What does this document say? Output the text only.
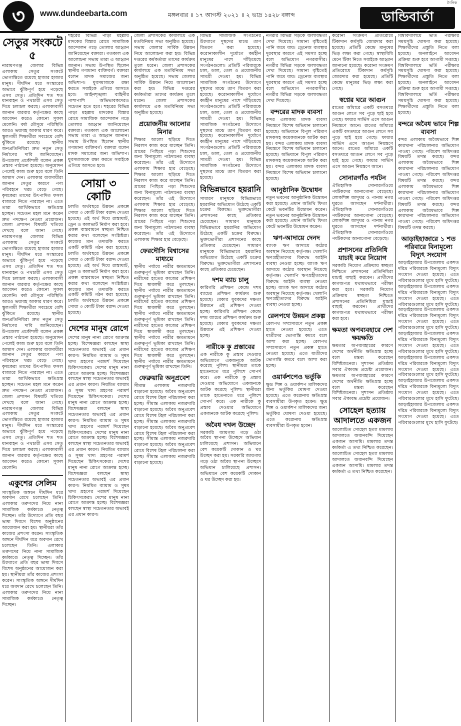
৩	www.dundeebarta.com	মঙ্গলবার ॥ ১৭ আগস্ট ২০২১ ॥ ২ ভাদ্র ১৪২৮ বঙ্গাব্দ
দৈনিক
ডান্ডিবার্তা
সেতুর সংকটে ৫

নারায়ণগঞ্জ জেলার বিভিন্ন এলাকায় সেতুর সংকটে ভোগান্তিতে রয়েছে হাজার হাজার মানুষ। দীর্ঘদিন ধরে সংস্কারের অভাবে ঝুঁকিপূর্ণ হয়ে পড়েছে এসব সেতু। প্রতিদিন শত শত যানবাহন ও পথচারী এসব সেতু দিয়ে চলাচল করছে। এলাকাবাসী জানান বারবার কর্তৃপক্ষের কাছে আবেদন করেও কোনো সুফল মেলেনি। বর্ষা মৌসুমে পরিস্থিতি আরও ভয়াবহ আকার ধারণ করে। স্কুলগামী শিক্ষার্থীরা সবচেয়ে বেশি ঝুঁকিতে রয়েছে। স্থানীয় জনপ্রতিনিধিরা দ্রুত নতুন সেতু নির্মাণের দাবি জানিয়েছেন। উপজেলা প্রকৌশলী বলেন প্রকল্প প্রস্তাব পাঠানো হয়েছে। অনুমোদন পেলেই কাজ শুরু হবে বলে তিনি আশ্বাস দেন। এলাকার ব্যবসায়ীরা জানান সেতুর কারণে পণ্য পরিবহনে খরচ বেড়ে গেছে। কৃষকেরা তাদের উৎপাদিত ফসল বাজারে নিতে পারছেন না। এতে তারা আর্থিকভাবে ক্ষতিগ্রস্ত হচ্ছেন। সচেতন মহল মনে করেন দ্রুত পদক্ষেপ নেওয়া প্রয়োজন। জেলা প্রশাসন বিষয়টি খতিয়ে দেখছে বলে জানা গেছে। নারায়ণগঞ্জ জেলার বিভিন্ন এলাকায় সেতুর সংকটে ভোগান্তিতে রয়েছে হাজার হাজার মানুষ। দীর্ঘদিন ধরে সংস্কারের অভাবে ঝুঁকিপূর্ণ হয়ে পড়েছে এসব সেতু। প্রতিদিন শত শত যানবাহন ও পথচারী এসব সেতু দিয়ে চলাচল করছে। এলাকাবাসী জানান বারবার কর্তৃপক্ষের কাছে আবেদন করেও কোনো সুফল মেলেনি। বর্ষা মৌসুমে পরিস্থিতি আরও ভয়াবহ আকার ধারণ করে। স্কুলগামী শিক্ষার্থীরা সবচেয়ে বেশি ঝুঁকিতে রয়েছে। স্থানীয় জনপ্রতিনিধিরা দ্রুত নতুন সেতু নির্মাণের দাবি জানিয়েছেন। উপজেলা প্রকৌশলী বলেন প্রকল্প প্রস্তাব পাঠানো হয়েছে। অনুমোদন পেলেই কাজ শুরু হবে বলে তিনি আশ্বাস দেন। এলাকার ব্যবসায়ীরা জানান সেতুর কারণে পণ্য পরিবহনে খরচ বেড়ে গেছে। কৃষকেরা তাদের উৎপাদিত ফসল বাজারে নিতে পারছেন না। এতে তারা আর্থিকভাবে ক্ষতিগ্রস্ত হচ্ছেন। সচেতন মহল মনে করেন দ্রুত পদক্ষেপ নেওয়া প্রয়োজন। জেলা প্রশাসন বিষয়টি খতিয়ে দেখছে বলে জানা গেছে। নারায়ণগঞ্জ জেলার বিভিন্ন এলাকায় সেতুর সংকটে ভোগান্তিতে রয়েছে হাজার হাজার মানুষ। দীর্ঘদিন ধরে সংস্কারের অভাবে ঝুঁকিপূর্ণ হয়ে পড়েছে এসব সেতু। প্রতিদিন শত শত যানবাহন ও পথচারী এসব সেতু দিয়ে চলাচল করছে। এলাকাবাসী জানান বারবার কর্তৃপক্ষের কাছে আবেদন করেও কোনো সুফল মেলেনি।

একুশের সেলিম

সাংস্কৃতিক অঙ্গনে দীর্ঘদিন ধরে অবদান রেখে চলেছেন তিনি। এলাকার তরুণদের নিয়ে নানা সামাজিক কর্মকাণ্ডে নেতৃত্ব দিচ্ছেন। তাঁর উদ্যোগে প্রতি বছর ভাষা দিবসে বিশেষ অনুষ্ঠানের আয়োজন করা হয়। স্থানীয়রা তাঁর কাজের প্রশংসা করেন। সাংস্কৃতিক অঙ্গনে দীর্ঘদিন ধরে অবদান রেখে চলেছেন তিনি। এলাকার তরুণদের নিয়ে নানা সামাজিক কর্মকাণ্ডে নেতৃত্ব দিচ্ছেন। তাঁর উদ্যোগে প্রতি বছর ভাষা দিবসে বিশেষ অনুষ্ঠানের আয়োজন করা হয়। স্থানীয়রা তাঁর কাজের প্রশংসা করেন। সাংস্কৃতিক অঙ্গনে দীর্ঘদিন ধরে অবদান রেখে চলেছেন তিনি। এলাকার তরুণদের নিয়ে নানা সামাজিক কর্মকাণ্ডে নেতৃত্ব দিচ্ছেন।

শহরের বিভিন্ন পাড়া মহল্লায় মাদকের বিস্তার রোধে সামাজিক আন্দোলন গড়ে তোলার আহ্বান জানিয়েছেন বক্তারা। গতকাল এক আলোচনা সভায় তারা এ আহ্বান জানান। সভায় উপস্থিত ছিলেন স্থানীয় গণ্যমান্য ব্যক্তিবর্গ। বক্তারা বলেন মাদক সমাজের জন্য অভিশাপ। যুবসমাজকে রক্ষা করতে সবাইকে এগিয়ে আসতে হবে। আইনশৃঙ্খলা বাহিনীর পাশাপাশি অভিভাবকদেরও সচেতন হতে হবে। শহরের বিভিন্ন পাড়া মহল্লায় মাদকের বিস্তার রোধে সামাজিক আন্দোলন গড়ে তোলার আহ্বান জানিয়েছেন বক্তারা। গতকাল এক আলোচনা সভায় তারা এ আহ্বান জানান। সভায় উপস্থিত ছিলেন স্থানীয় গণ্যমান্য ব্যক্তিবর্গ। বক্তারা বলেন মাদক সমাজের জন্য অভিশাপ। যুবসমাজকে রক্ষা করতে সবাইকে এগিয়ে আসতে হবে।

সোয়া ৩ কোটি

চলতি অর্থবছরে উন্নয়ন প্রকল্পে সোয়া ৩ কোটি টাকা বরাদ্দ দেওয়া হয়েছে। এই অর্থ দিয়ে রাস্তাঘাট, ড্রেন ও কালভার্ট নির্মাণ করা হবে। প্রকল্প বাস্তবায়নে স্বচ্ছতা নিশ্চিত করার কথা বলেছেন সংশ্লিষ্টরা। কাজের মান তদারকি করতে একটি কমিটি গঠন করা হয়েছে। চলতি অর্থবছরে উন্নয়ন প্রকল্পে সোয়া ৩ কোটি টাকা বরাদ্দ দেওয়া হয়েছে। এই অর্থ দিয়ে রাস্তাঘাট, ড্রেন ও কালভার্ট নির্মাণ করা হবে। প্রকল্প বাস্তবায়নে স্বচ্ছতা নিশ্চিত করার কথা বলেছেন সংশ্লিষ্টরা। কাজের মান তদারকি করতে একটি কমিটি গঠন করা হয়েছে। চলতি অর্থবছরে উন্নয়ন প্রকল্পে সোয়া ৩ কোটি টাকা বরাদ্দ দেওয়া হয়েছে।

দেশের মানুষ রোগে

দেশের মানুষ নানা রোগে আক্রান্ত হচ্ছে। বিশেষজ্ঞরা বলছেন স্বাস্থ্য সচেতনতার অভাবই এর প্রধান কারণ। নিয়মিত ব্যায়াম ও সুষম খাদ্য গ্রহণের পরামর্শ দিয়েছেন চিকিৎসকেরা। দেশের মানুষ নানা রোগে আক্রান্ত হচ্ছে। বিশেষজ্ঞরা বলছেন স্বাস্থ্য সচেতনতার অভাবই এর প্রধান কারণ। নিয়মিত ব্যায়াম ও সুষম খাদ্য গ্রহণের পরামর্শ দিয়েছেন চিকিৎসকেরা। দেশের মানুষ নানা রোগে আক্রান্ত হচ্ছে। বিশেষজ্ঞরা বলছেন স্বাস্থ্য সচেতনতার অভাবই এর প্রধান কারণ। নিয়মিত ব্যায়াম ও সুষম খাদ্য গ্রহণের পরামর্শ দিয়েছেন চিকিৎসকেরা। দেশের মানুষ নানা রোগে আক্রান্ত হচ্ছে। বিশেষজ্ঞরা বলছেন স্বাস্থ্য সচেতনতার অভাবই এর প্রধান কারণ। নিয়মিত ব্যায়াম ও সুষম খাদ্য গ্রহণের পরামর্শ দিয়েছেন চিকিৎসকেরা। দেশের মানুষ নানা রোগে আক্রান্ত হচ্ছে। বিশেষজ্ঞরা বলছেন স্বাস্থ্য সচেতনতার অভাবই এর প্রধান কারণ। নিয়মিত ব্যায়াম ও সুষম খাদ্য গ্রহণের পরামর্শ দিয়েছেন চিকিৎসকেরা। দেশের মানুষ নানা রোগে আক্রান্ত হচ্ছে। বিশেষজ্ঞরা বলছেন স্বাস্থ্য সচেতনতার অভাবই এর প্রধান কারণ।

জেলা প্রশাসকের কার্যালয়ে এক মতবিনিময় সভা অনুষ্ঠিত হয়েছে। সভায় জেলার সার্বিক উন্নয়ন নিয়ে আলোচনা করা হয়। বিভিন্ন দপ্তরের কর্মকর্তারা তাদের কার্যক্রম তুলে ধরেন। জেলা প্রশাসকের কার্যালয়ে এক মতবিনিময় সভা অনুষ্ঠিত হয়েছে। সভায় জেলার সার্বিক উন্নয়ন নিয়ে আলোচনা করা হয়। বিভিন্ন দপ্তরের কর্মকর্তারা তাদের কার্যক্রম তুলে ধরেন। জেলা প্রশাসকের কার্যালয়ে এক মতবিনিময় সভা অনুষ্ঠিত হয়েছে।

প্রয়োজনীয় আলোর মিনার

শিক্ষার আলো ছড়িয়ে দিতে নিরলস কাজ করে যাচ্ছেন তিনি। গ্রামের পিছিয়ে পড়া শিশুদের জন্য বিনামূল্যে পাঠদানের ব্যবস্থা করেছেন। তাঁর এই উদ্যোগে এলাকায় শিক্ষার হার বেড়েছে। শিক্ষার আলো ছড়িয়ে দিতে নিরলস কাজ করে যাচ্ছেন তিনি। গ্রামের পিছিয়ে পড়া শিশুদের জন্য বিনামূল্যে পাঠদানের ব্যবস্থা করেছেন। তাঁর এই উদ্যোগে এলাকায় শিক্ষার হার বেড়েছে। শিক্ষার আলো ছড়িয়ে দিতে নিরলস কাজ করে যাচ্ছেন তিনি। গ্রামের পিছিয়ে পড়া শিশুদের জন্য বিনামূল্যে পাঠদানের ব্যবস্থা করেছেন। তাঁর এই উদ্যোগে এলাকায় শিক্ষার হার বেড়েছে।

ফেরদৌসি বিশ্বাসের মাধ্যমে

স্থানীয় পর্যায়ে নারীর ক্ষমতায়নে গুরুত্বপূর্ণ ভূমিকা রাখছেন তিনি। নারীদের হাতের কাজের প্রশিক্ষণ দিয়ে স্বাবলম্বী করে তুলছেন। স্থানীয় পর্যায়ে নারীর ক্ষমতায়নে গুরুত্বপূর্ণ ভূমিকা রাখছেন তিনি। নারীদের হাতের কাজের প্রশিক্ষণ দিয়ে স্বাবলম্বী করে তুলছেন। স্থানীয় পর্যায়ে নারীর ক্ষমতায়নে গুরুত্বপূর্ণ ভূমিকা রাখছেন তিনি। নারীদের হাতের কাজের প্রশিক্ষণ দিয়ে স্বাবলম্বী করে তুলছেন। স্থানীয় পর্যায়ে নারীর ক্ষমতায়নে গুরুত্বপূর্ণ ভূমিকা রাখছেন তিনি। নারীদের হাতের কাজের প্রশিক্ষণ দিয়ে স্বাবলম্বী করে তুলছেন। স্থানীয় পর্যায়ে নারীর ক্ষমতায়নে গুরুত্বপূর্ণ ভূমিকা রাখছেন তিনি।

ফেব্রুয়ারি অনুপ্রবেশ

সীমান্ত এলাকায় নজরদারি বাড়ানো হয়েছে। অবৈধ অনুপ্রবেশ রোধে বিশেষ টহল পরিচালনা করা হচ্ছে। সীমান্ত এলাকায় নজরদারি বাড়ানো হয়েছে। অবৈধ অনুপ্রবেশ রোধে বিশেষ টহল পরিচালনা করা হচ্ছে। সীমান্ত এলাকায় নজরদারি বাড়ানো হয়েছে। অবৈধ অনুপ্রবেশ রোধে বিশেষ টহল পরিচালনা করা হচ্ছে। সীমান্ত এলাকায় নজরদারি বাড়ানো হয়েছে। অবৈধ অনুপ্রবেশ রোধে বিশেষ টহল পরিচালনা করা হচ্ছে। সীমান্ত এলাকায় নজরদারি বাড়ানো হয়েছে।

বিভিন্ন সামাজিক সংগঠনের উদ্যোগে দুস্থদের মাঝে ত্রাণ বিতরণ করা হয়েছে। করোনাকালীন দুর্যোগে কর্মহীন মানুষের পাশে দাঁড়িয়েছে সংগঠনগুলো। প্রতিটি পরিবারকে চাল, ডাল, তেল ও প্রয়োজনীয় সামগ্রী দেওয়া হয়। বিভিন্ন সামাজিক সংগঠনের উদ্যোগে দুস্থদের মাঝে ত্রাণ বিতরণ করা হয়েছে। করোনাকালীন দুর্যোগে কর্মহীন মানুষের পাশে দাঁড়িয়েছে সংগঠনগুলো। প্রতিটি পরিবারকে চাল, ডাল, তেল ও প্রয়োজনীয় সামগ্রী দেওয়া হয়। বিভিন্ন সামাজিক সংগঠনের উদ্যোগে দুস্থদের মাঝে ত্রাণ বিতরণ করা হয়েছে। করোনাকালীন দুর্যোগে কর্মহীন মানুষের পাশে দাঁড়িয়েছে সংগঠনগুলো। প্রতিটি পরিবারকে চাল, ডাল, তেল ও প্রয়োজনীয় সামগ্রী দেওয়া হয়। বিভিন্ন সামাজিক সংগঠনের উদ্যোগে দুস্থদের মাঝে ত্রাণ বিতরণ করা হয়েছে।

বিভিন্নভাবে হয়রানি

সাধারণ মানুষকে বিভিন্নভাবে হয়রানির অভিযোগ উঠেছে একটি চক্রের বিরুদ্ধে। ভুক্তভোগীরা প্রশাসনের কাছে প্রতিকার চেয়েছেন। সাধারণ মানুষকে বিভিন্নভাবে হয়রানির অভিযোগ উঠেছে একটি চক্রের বিরুদ্ধে। ভুক্তভোগীরা প্রশাসনের কাছে প্রতিকার চেয়েছেন। সাধারণ মানুষকে বিভিন্নভাবে হয়রানির অভিযোগ উঠেছে একটি চক্রের বিরুদ্ধে। ভুক্তভোগীরা প্রশাসনের কাছে প্রতিকার চেয়েছেন।

দশম ব্যাচ চালু

কারিগরি প্রশিক্ষণ কেন্দ্রে দশম ব্যাচের প্রশিক্ষণ কার্যক্রম শুরু হয়েছে। বেকার যুবকদের দক্ষতা উন্নয়নে এই প্রশিক্ষণ দেওয়া হচ্ছে। কারিগরি প্রশিক্ষণ কেন্দ্রে দশম ব্যাচের প্রশিক্ষণ কার্যক্রম শুরু হয়েছে। বেকার যুবকদের দক্ষতা উন্নয়নে এই প্রশিক্ষণ দেওয়া হচ্ছে।

নারীকে কু প্রস্তাবের

এক নারীকে কু প্রস্তাব দেওয়ার অভিযোগে একজনকে আটক করেছে পুলিশ। স্থানীয়রা তাকে হাতেনাতে ধরে পুলিশে সোপর্দ করে। এক নারীকে কু প্রস্তাব দেওয়ার অভিযোগে একজনকে আটক করেছে পুলিশ। স্থানীয়রা তাকে হাতেনাতে ধরে পুলিশে সোপর্দ করে। এক নারীকে কু প্রস্তাব দেওয়ার অভিযোগে একজনকে আটক করেছে পুলিশ।

অবৈধ দখল উচ্ছেদ

সরকারি জায়গায় গড়ে ওঠা অবৈধ স্থাপনা উচ্ছেদে অভিযান চালিয়েছে প্রশাসন। অভিযানে বেশ কয়েকটি দোকান ও ঘর উচ্ছেদ করা হয়। সরকারি জায়গায় গড়ে ওঠা অবৈধ স্থাপনা উচ্ছেদে অভিযান চালিয়েছে প্রশাসন। অভিযানে বেশ কয়েকটি দোকান ও ঘর উচ্ছেদ করা হয়।

নগরীর বিভিন্ন সড়কে জলাবদ্ধতা দেখা দিয়েছে। সামান্য বৃষ্টিতেই পানি জমে যায়। ড্রেনেজ ব্যবস্থার দুরবস্থার কারণে এই সমস্যা হচ্ছে বলে অভিযোগ নগরবাসীর। নগরীর বিভিন্ন সড়কে জলাবদ্ধতা দেখা দিয়েছে। সামান্য বৃষ্টিতেই পানি জমে যায়। ড্রেনেজ ব্যবস্থার দুরবস্থার কারণে এই সমস্যা হচ্ছে বলে অভিযোগ নগরবাসীর। নগরীর বিভিন্ন সড়কে জলাবদ্ধতা দেখা দিয়েছে।

বন্দরের মাদক ব্যবসা

বন্দর এলাকায় মাদক ব্যবসা নিয়ন্ত্রণে বিশেষ অভিযান চালানো হয়েছে। অভিযানে বিপুল পরিমাণ মাদকসহ কয়েকজনকে আটক করা হয়। বন্দর এলাকায় মাদক ব্যবসা নিয়ন্ত্রণে বিশেষ অভিযান চালানো হয়েছে। অভিযানে বিপুল পরিমাণ মাদকসহ কয়েকজনকে আটক করা হয়। বন্দর এলাকায় মাদক ব্যবসা নিয়ন্ত্রণে বিশেষ অভিযান চালানো হয়েছে।

আনুষ্ঠানিক উদ্বোধন

নতুন ভবনের আনুষ্ঠানিক উদ্বোধন করা হয়েছে। প্রধান অতিথি ফিতা কেটে ভবনটির উদ্বোধন করেন। নতুন ভবনের আনুষ্ঠানিক উদ্বোধন করা হয়েছে। প্রধান অতিথি ফিতা কেটে ভবনটির উদ্বোধন করেন।

ঋণ-আদায়ে দেনদ

ব্যাংক ঋণ আদায়ে কঠোর অবস্থান নিয়েছে কর্তৃপক্ষ। খেলাপি ঋণগ্রহীতাদের বিরুদ্ধে আইনি ব্যবস্থা নেওয়া হচ্ছে। ব্যাংক ঋণ আদায়ে কঠোর অবস্থান নিয়েছে কর্তৃপক্ষ। খেলাপি ঋণগ্রহীতাদের বিরুদ্ধে আইনি ব্যবস্থা নেওয়া হচ্ছে। ব্যাংক ঋণ আদায়ে কঠোর অবস্থান নিয়েছে কর্তৃপক্ষ। খেলাপি ঋণগ্রহীতাদের বিরুদ্ধে আইনি ব্যবস্থা নেওয়া হচ্ছে।

রেলপথে উন্নয়ন প্রকল্প

রেলপথ সম্প্রসারণে নতুন প্রকল্প হাতে নেওয়া হয়েছে। এতে যাত্রীদের ভোগান্তি কমবে বলে আশা করা হচ্ছে। রেলপথ সম্প্রসারণে নতুন প্রকল্প হাতে নেওয়া হয়েছে। এতে যাত্রীদের ভোগান্তি কমবে বলে আশা করা হচ্ছে।

ওয়ার্কশপেও ভর্তুকি

ক্ষুদ্র শিল্প ও ওয়ার্কশপ মালিকদের জন্য ভর্তুকির ঘোষণা দেওয়া হয়েছে। এতে করোনায় ক্ষতিগ্রস্ত ব্যবসায়ীরা উপকৃত হবেন। ক্ষুদ্র শিল্প ও ওয়ার্কশপ মালিকদের জন্য ভর্তুকির ঘোষণা দেওয়া হয়েছে। এতে করোনায় ক্ষতিগ্রস্ত ব্যবসায়ীরা উপকৃত হবেন।

করোনা সংক্রমণ প্রতিরোধে টিকাদান কর্মসূচি জোরদার করা হয়েছে। প্রতিটি কেন্দ্রে মানুষের ভিড় লক্ষ্য করা গেছে। স্বাস্থ্যবিধি মেনে টিকা নিতে সবাইকে আহ্বান জানানো হয়েছে। করোনা সংক্রমণ প্রতিরোধে টিকাদান কর্মসূচি জোরদার করা হয়েছে। প্রতিটি কেন্দ্রে মানুষের ভিড় লক্ষ্য করা গেছে।

স্বপ্নের ঘরে আগুন

রাতের আঁধারে একটি বসতঘরে আগুন লেগে সব পুড়ে ছাই হয়ে গেছে। ফায়ার সার্ভিস এসে আগুন নিয়ন্ত্রণে আনে। রাতের আঁধারে একটি বসতঘরে আগুন লেগে সব পুড়ে ছাই হয়ে গেছে। ফায়ার সার্ভিস এসে আগুন নিয়ন্ত্রণে আনে। রাতের আঁধারে একটি বসতঘরে আগুন লেগে সব পুড়ে ছাই হয়ে গেছে। ফায়ার সার্ভিস এসে আগুন নিয়ন্ত্রণে আনে।

সোনারগাঁও পর্যটন

ঐতিহাসিক সোনারগাঁওয়ে পর্যটকদের আনাগোনা বেড়েছে। লোকশিল্প জাদুঘর ও পানাম নগর ঘুরতে আসছেন দর্শনার্থীরা। ঐতিহাসিক সোনারগাঁওয়ে পর্যটকদের আনাগোনা বেড়েছে। লোকশিল্প জাদুঘর ও পানাম নগর ঘুরতে আসছেন দর্শনার্থীরা। ঐতিহাসিক সোনারগাঁওয়ে পর্যটকদের আনাগোনা বেড়েছে।

প্রশাসনের প্রতিনিধি যাচাই করে নিয়োগ

সরকারি নিয়োগ প্রক্রিয়ায় স্বচ্ছতা নিশ্চিতে প্রশাসনের প্রতিনিধিরা যাচাই বাছাই করবেন। প্রার্থীদের কাগজপত্র যথাযথভাবে পরীক্ষা করা হবে। সরকারি নিয়োগ প্রক্রিয়ায় স্বচ্ছতা নিশ্চিতে প্রশাসনের প্রতিনিধিরা যাচাই বাছাই করবেন। প্রার্থীদের কাগজপত্র যথাযথভাবে পরীক্ষা করা হবে।

ক্ষমতা অপব্যবহারে দেশ ক্ষয়ক্ষতি

ক্ষমতার অপব্যবহারের কারণে দেশের অর্থনীতি ক্ষতিগ্রস্ত হচ্ছে বলে মন্তব্য করেছেন বিশিষ্টজনেরা। সুশাসন প্রতিষ্ঠায় সবার ঐক্যবদ্ধ প্রচেষ্টা প্রয়োজন। ক্ষমতার অপব্যবহারের কারণে দেশের অর্থনীতি ক্ষতিগ্রস্ত হচ্ছে বলে মন্তব্য করেছেন বিশিষ্টজনেরা। সুশাসন প্রতিষ্ঠায় সবার ঐক্যবদ্ধ প্রচেষ্টা প্রয়োজন।

সোহেল হত্যায় আদালতে একজন

আলোচিত সোহেল হত্যা মামলায় আদালতে জবানবন্দি দিয়েছেন একজন আসামি। মামলার তদন্ত কর্মকর্তা এ তথ্য নিশ্চিত করেছেন। আলোচিত সোহেল হত্যা মামলায় আদালতে জবানবন্দি দিয়েছেন একজন আসামি। মামলার তদন্ত কর্মকর্তা এ তথ্য নিশ্চিত করেছেন।

বিশ্ববিদ্যালয়ে ভর্তি পরীক্ষার সময়সূচি ঘোষণা করা হয়েছে। শিক্ষার্থীদের প্রস্তুতি নিতে বলা হয়েছে। অনলাইনে আবেদন প্রক্রিয়া শুরু হবে আগামী সপ্তাহে। বিশ্ববিদ্যালয়ে ভর্তি পরীক্ষার সময়সূচি ঘোষণা করা হয়েছে। শিক্ষার্থীদের প্রস্তুতি নিতে বলা হয়েছে। অনলাইনে আবেদন প্রক্রিয়া শুরু হবে আগামী সপ্তাহে। বিশ্ববিদ্যালয়ে ভর্তি পরীক্ষার সময়সূচি ঘোষণা করা হয়েছে। শিক্ষার্থীদের প্রস্তুতি নিতে বলা হয়েছে।

বন্দরে অবৈধ ভাবে শিল্প ব্যবসা

বন্দর এলাকায় অবৈধভাবে শিল্প কারখানা পরিচালনার অভিযোগ পাওয়া গেছে। পরিবেশ অধিদপ্তর বিষয়টি তদন্ত করছে। বন্দর এলাকায় অবৈধভাবে শিল্প কারখানা পরিচালনার অভিযোগ পাওয়া গেছে। পরিবেশ অধিদপ্তর বিষয়টি তদন্ত করছে। বন্দর এলাকায় অবৈধভাবে শিল্প কারখানা পরিচালনার অভিযোগ পাওয়া গেছে। পরিবেশ অধিদপ্তর বিষয়টি তদন্ত করছে। বন্দর এলাকায় অবৈধভাবে শিল্প কারখানা পরিচালনার অভিযোগ পাওয়া গেছে। পরিবেশ অধিদপ্তর বিষয়টি তদন্ত করছে।

আড়াইহাজারে ১ শত পরিবারে বিনামূল্যে বিদ্যুৎ সংযোগ

আড়াইহাজার উপজেলায় একশত দরিদ্র পরিবারকে বিনামূল্যে বিদ্যুৎ সংযোগ দেওয়া হয়েছে। এতে পরিবারগুলোর মুখে হাসি ফুটেছে। আড়াইহাজার উপজেলায় একশত দরিদ্র পরিবারকে বিনামূল্যে বিদ্যুৎ সংযোগ দেওয়া হয়েছে। এতে পরিবারগুলোর মুখে হাসি ফুটেছে। আড়াইহাজার উপজেলায় একশত দরিদ্র পরিবারকে বিনামূল্যে বিদ্যুৎ সংযোগ দেওয়া হয়েছে। এতে পরিবারগুলোর মুখে হাসি ফুটেছে। আড়াইহাজার উপজেলায় একশত দরিদ্র পরিবারকে বিনামূল্যে বিদ্যুৎ সংযোগ দেওয়া হয়েছে। এতে পরিবারগুলোর মুখে হাসি ফুটেছে। আড়াইহাজার উপজেলায় একশত দরিদ্র পরিবারকে বিনামূল্যে বিদ্যুৎ সংযোগ দেওয়া হয়েছে। এতে পরিবারগুলোর মুখে হাসি ফুটেছে। আড়াইহাজার উপজেলায় একশত দরিদ্র পরিবারকে বিনামূল্যে বিদ্যুৎ সংযোগ দেওয়া হয়েছে। এতে পরিবারগুলোর মুখে হাসি ফুটেছে। আড়াইহাজার উপজেলায় একশত দরিদ্র পরিবারকে বিনামূল্যে বিদ্যুৎ সংযোগ দেওয়া হয়েছে। এতে পরিবারগুলোর মুখে হাসি ফুটেছে।
